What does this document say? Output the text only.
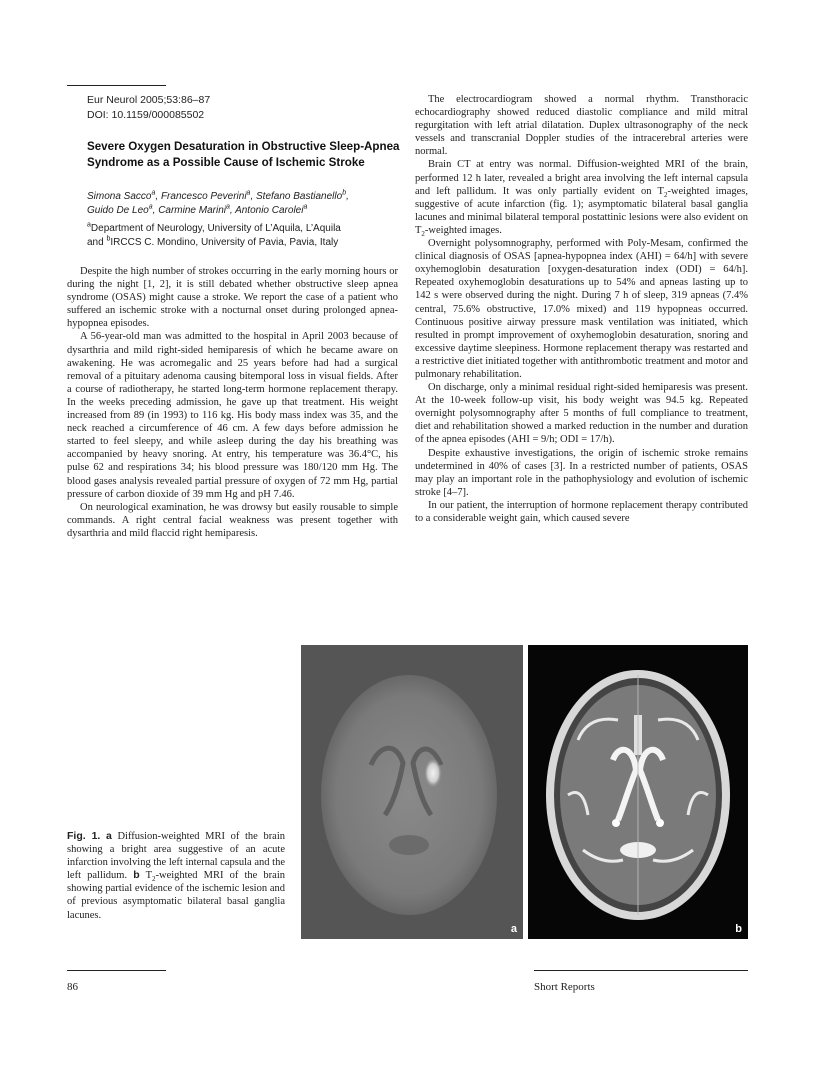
Eur Neurol 2005;53:86–87
DOI: 10.1159/000085502
Severe Oxygen Desaturation in Obstructive Sleep-Apnea Syndrome as a Possible Cause of Ischemic Stroke
Simona Sacco$^a$, Francesco Peverini$^a$, Stefano Bastianello$^b$,
Guido De Leo$^a$, Carmine Marini$^a$, Antonio Carolei$^a$
$^a$Department of Neurology, University of L’Aquila, L’Aquila
and $^b$IRCCS C. Mondino, University of Pavia, Pavia, Italy

Despite the high number of strokes occurring in the early morning hours or during the night [1, 2], it is still debated whether obstructive sleep apnea syndrome (OSAS) might cause a stroke. We report the case of a patient who suffered an ischemic stroke with a nocturnal onset during prolonged apnea-hypopnea episodes.

A 56-year-old man was admitted to the hospital in April 2003 because of dysarthria and mild right-sided hemiparesis of which he became aware on awakening. He was acromegalic and 25 years before had had a surgical removal of a pituitary adenoma causing bitemporal loss in visual fields. After a course of radiotherapy, he started long-term hormone replacement therapy. In the weeks preceding admission, he gave up that treatment. His weight increased from 89 (in 1993) to 116 kg. His body mass index was 35, and the neck reached a circumference of 46 cm. A few days before admission he started to feel sleepy, and while asleep during the day his breathing was accompanied by heavy snoring. At entry, his temperature was 36.4°C, his pulse 62 and respirations 34; his blood pressure was 180/120 mm Hg. The blood gases analysis revealed partial pressure of oxygen of 72 mm Hg, partial pressure of carbon dioxide of 39 mm Hg and pH 7.46.

On neurological examination, he was drowsy but easily rousable to simple commands. A right central facial weakness was present together with dysarthria and mild flaccid right hemiparesis.

The electrocardiogram showed a normal rhythm. Transthoracic echocardiography showed reduced diastolic compliance and mild mitral regurgitation with left atrial dilatation. Duplex ultrasonography of the neck vessels and transcranial Doppler studies of the intracerebral arteries were normal.

Brain CT at entry was normal. Diffusion-weighted MRI of the brain, performed 12 h later, revealed a bright area involving the left internal capsula and left pallidum. It was only partially evident on $T_2$-weighted images, suggestive of acute infarction (fig. 1); asymptomatic bilateral basal ganglia lacunes and minimal bilateral temporal postattinic lesions were also evident on $T_2$-weighted images.

Overnight polysomnography, performed with Poly-Mesam, confirmed the clinical diagnosis of OSAS [apnea-hypopnea index (AHI) = 64/h] with severe oxyhemoglobin desaturation [oxygen-desaturation index (ODI) = 64/h]. Repeated oxyhemoglobin desaturations up to 54% and apneas lasting up to 142 s were observed during the night. During 7 h of sleep, 319 apneas (7.4% central, 75.6% obstructive, 17.0% mixed) and 119 hypopneas occurred. Continuous positive airway pressure mask ventilation was initiated, which resulted in prompt improvement of oxyhemoglobin desaturation, snoring and excessive daytime sleepiness. Hormone replacement therapy was restarted and a restrictive diet initiated together with antithrombotic treatment and motor and pulmonary rehabilitation.

On discharge, only a minimal residual right-sided hemiparesis was present. At the 10-week follow-up visit, his body weight was 94.5 kg. Repeated overnight polysomnography after 5 months of full compliance to treatment, diet and rehabilitation showed a marked reduction in the number and duration of the apnea episodes (AHI = 9/h; ODI = 17/h).

Despite exhaustive investigations, the origin of ischemic stroke remains undetermined in 40% of cases [3]. In a restricted number of patients, OSAS may play an important role in the pathophysiology and evolution of ischemic stroke [4–7].

In our patient, the interruption of hormone replacement therapy contributed to a considerable weight gain, which caused severe

a	b
Fig. 1. a Diffusion-weighted MRI of the brain showing a bright area suggestive of an acute infarction involving the left internal capsula and the left pallidum. b $T_2$-weighted MRI of the brain showing partial evidence of the ischemic lesion and of previous asymptomatic bilateral basal ganglia lacunes.
86	Short Reports
